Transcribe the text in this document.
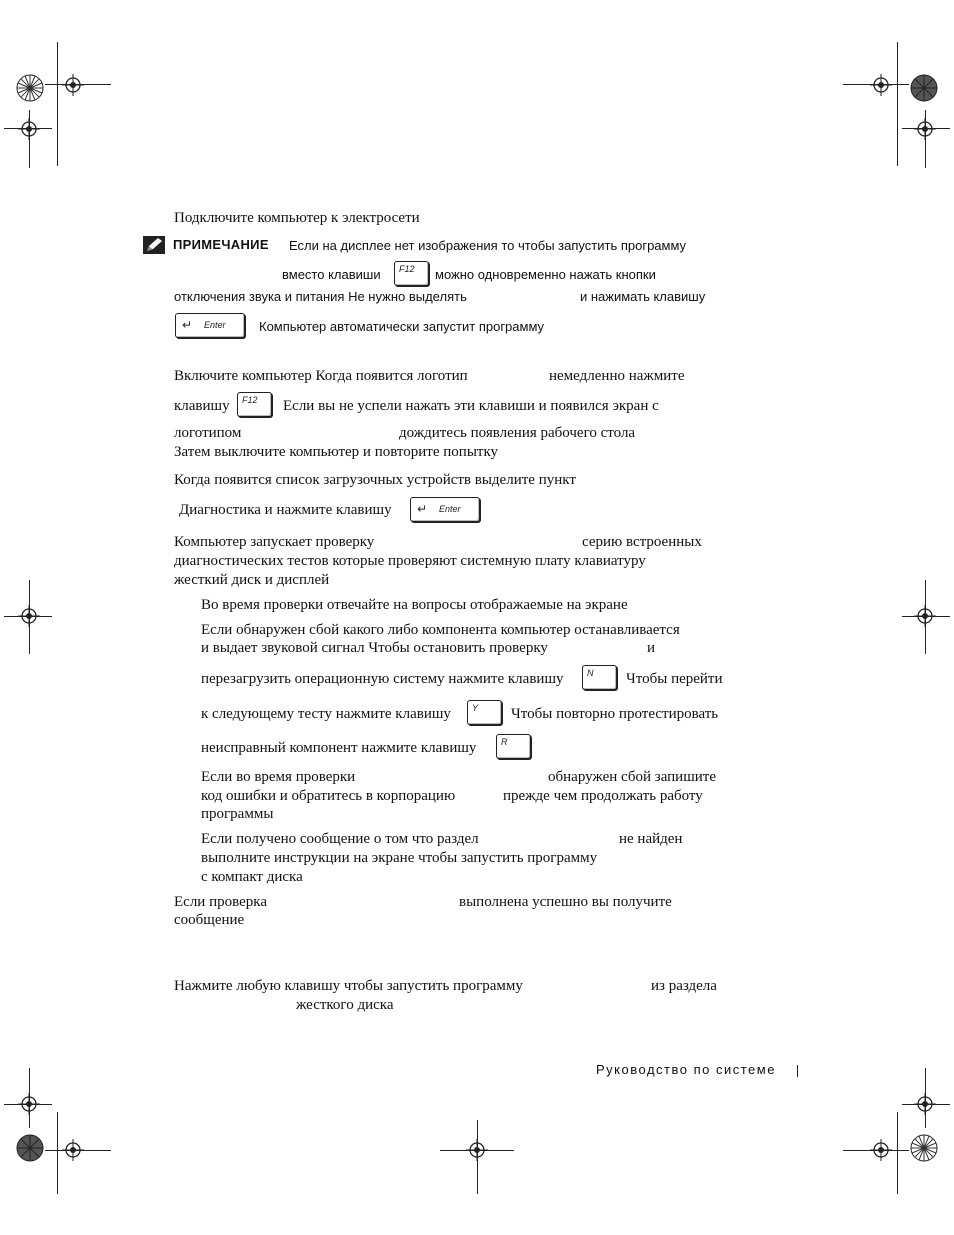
Подключите компьютер к электросети
ПРИМЕЧАНИЕ Если на дисплее нет изображения то чтобы запустить программу
вместо клавиши F12 можно одновременно нажать кнопки
отключения звука и питания Не нужно выделять	и нажимать клавишу
↵ Enter	Компьютер автоматически запустит программу
Включите компьютер Когда появится логотип	немедленно нажмите
клавишу F12 Если вы не успели нажать эти клавиши и появился экран с
логотипом	дождитесь появления рабочего стола
Затем выключите компьютер и повторите попытку
Когда появится список загрузочных устройств выделите пункт
Диагностика и нажмите клавишу ↵ Enter
Компьютер запускает проверку	серию встроенных
диагностических тестов которые проверяют системную плату клавиатуру
жесткий диск и дисплей
Во время проверки отвечайте на вопросы отображаемые на экране
Если обнаружен сбой какого либо компонента компьютер останавливается
и выдает звуковой сигнал Чтобы остановить проверку	и
перезагрузить операционную систему нажмите клавишу	N Чтобы перейти
к следующему тесту нажмите клавишу Y Чтобы повторно протестировать
неисправный компонент нажмите клавишу	R
Если во время проверки	обнаружен сбой запишите
код ошибки и обратитесь в корпорацию	прежде чем продолжать работу
программы
Если получено сообщение о том что раздел	не найден
выполните инструкции на экране чтобы запустить программу
с компакт диска
Если проверка	выполнена успешно вы получите
сообщение
Нажмите любую клавишу чтобы запустить программу	из раздела
жесткого диска
Руководство по системе
